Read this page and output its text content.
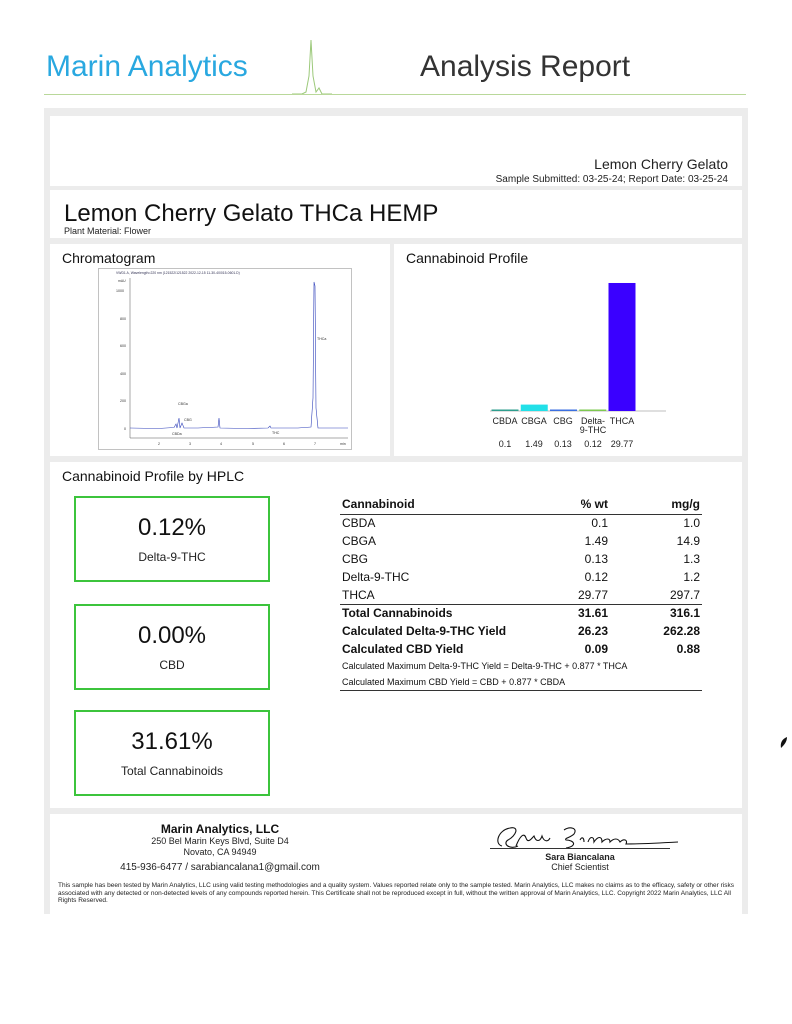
Marin Analytics	Analysis Report
Lemon Cherry Gelato
Sample Submitted: 03-25-24; Report Date: 03-25-24
Lemon Cherry Gelato THCa HEMP
Plant Material: Flower
Chromatogram
VWD1 A, Wavelength=220 nm (121522\121522 2022-12-15 11-30-40\015-0601.D)
mAU
1000
800
600
400
200
0
2	3	4	5	6	7	min
CBGa
CBG
CBDa	THC
THCa
Cannabinoid Profile
CBDA CBGA CBG Delta-
9-THC
THCA
0.1 1.49 0.13 0.12 29.77
Cannabinoid Profile by HPLC
0.12%
Delta-9-THC
0.00%
CBD
31.61%
Total Cannabinoids
Cannabinoid	% wt	mg/g
CBDA	0.1	1.0
CBGA	1.49	14.9
CBG	0.13	1.3
Delta-9-THC	0.12	1.2
THCA	29.77	297.7
Total Cannabinoids	31.61	316.1
Calculated Delta-9-THC Yield	26.23	262.28
Calculated CBD Yield	0.09	0.88
Calculated Maximum Delta-9-THC Yield = Delta-9-THC + 0.877 * THCA		
Calculated Maximum CBD Yield = CBD + 0.877 * CBDA		
Marin Analytics, LLC
250 Bel Marin Keys Blvd, Suite D4
Novato, CA 94949
415-936-6477 / sarabiancalana1@gmail.com
Sara Biancalana
Chief Scientist
This sample has been tested by Marin Analytics, LLC using valid testing methodologies and a quality system. Values reported relate only to the sample tested. Marin Analytics, LLC makes no claims as to the efficacy, safety or other risks associated with any detected or non-detected levels of any compounds reported herein. This Certificate shall not be reproduced except in full, without the written approval of Marin Analytics, LLC. Copyright 2022 Marin Analytics, LLC All Rights Reserved.
